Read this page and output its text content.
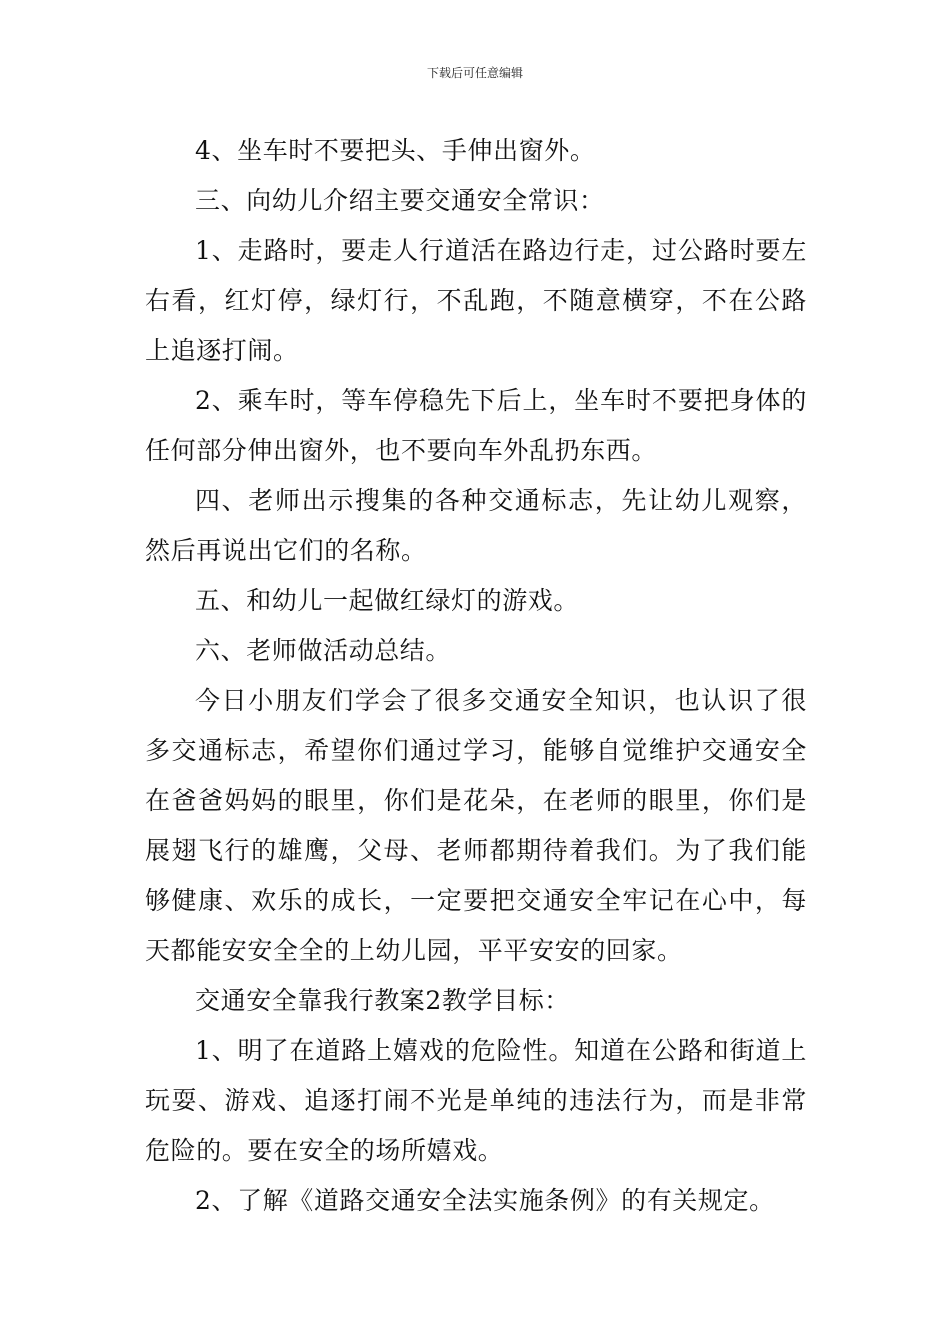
下载后可任意编辑

4、坐车时不要把头、手伸出窗外。

三、向幼儿介绍主要交通安全常识：

1、走路时，要走人行道活在路边行走，过公路时要左右看，红灯停，绿灯行，不乱跑，不随意横穿，不在公路上追逐打闹。

2、乘车时，等车停稳先下后上，坐车时不要把身体的任何部分伸出窗外，也不要向车外乱扔东西。

四、老师出示搜集的各种交通标志，先让幼儿观察，然后再说出它们的名称。

五、和幼儿一起做红绿灯的游戏。

六、老师做活动总结。

今日小朋友们学会了很多交通安全知识，也认识了很多交通标志，希望你们通过学习，能够自觉维护交通安全在爸爸妈妈的眼里，你们是花朵，在老师的眼里，你们是展翅飞行的雄鹰，父母、老师都期待着我们。为了我们能够健康、欢乐的成长，一定要把交通安全牢记在心中，每天都能安安全全的上幼儿园，平平安安的回家。

交通安全靠我行教案2教学目标：

1、明了在道路上嬉戏的危险性。知道在公路和街道上玩耍、游戏、追逐打闹不光是单纯的违法行为，而是非常危险的。要在安全的场所嬉戏。

2、了解《道路交通安全法实施条例》的有关规定。
